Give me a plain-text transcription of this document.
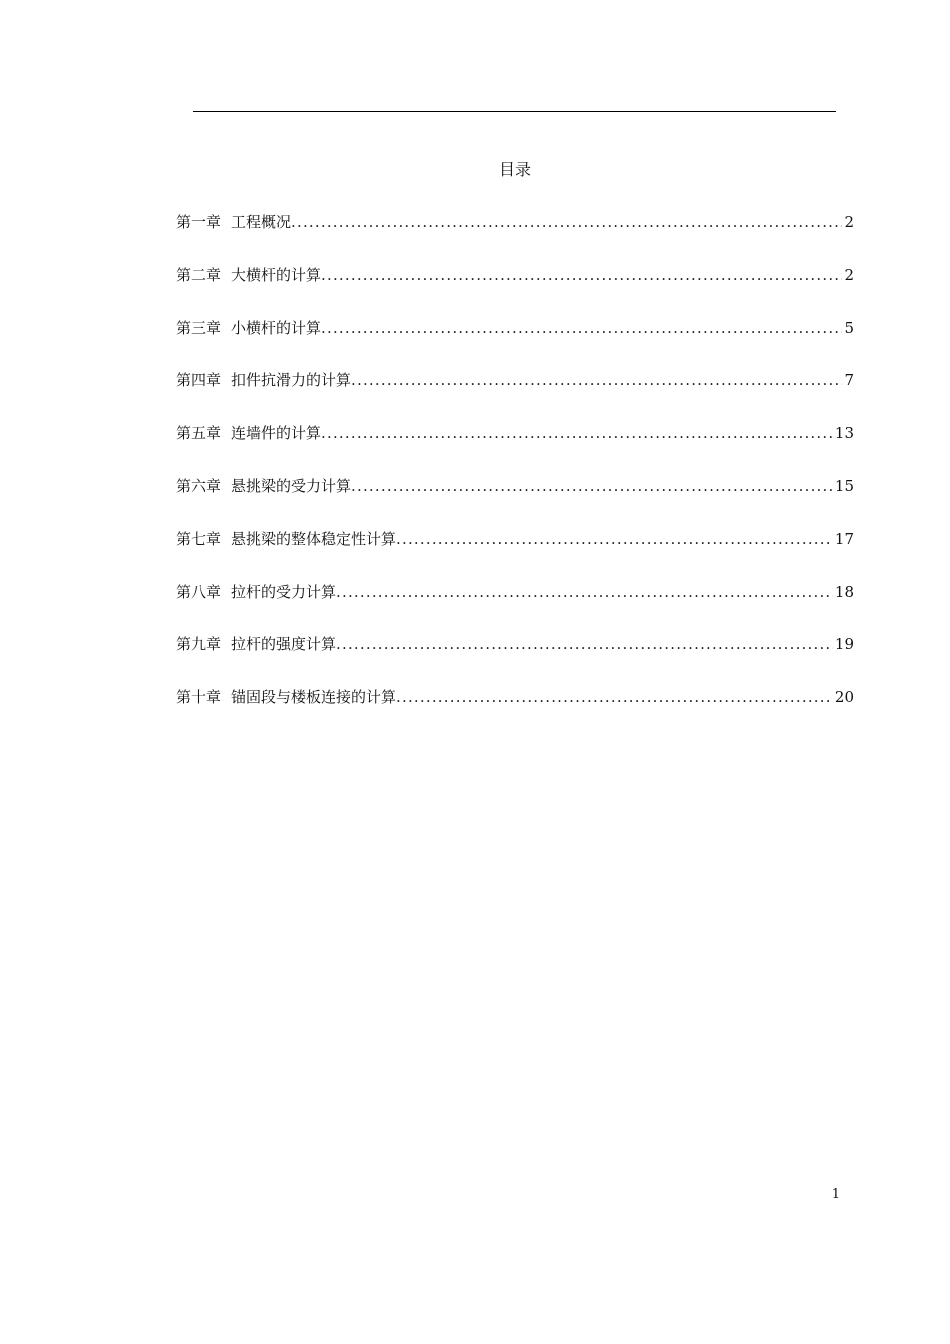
目录
第一章 工程概况 .....	2
第二章 大横杆的计算 .....	2
第三章 小横杆的计算 .....	5
第四章 扣件抗滑力的计算 .....	7
第五章 连墙件的计算 .....	13
第六章 悬挑梁的受力计算 .....	15
第七章 悬挑梁的整体稳定性计算 .....	17
第八章 拉杆的受力计算 .....	18
第九章 拉杆的强度计算 .....	19
第十章 锚固段与楼板连接的计算 .....	20
1
